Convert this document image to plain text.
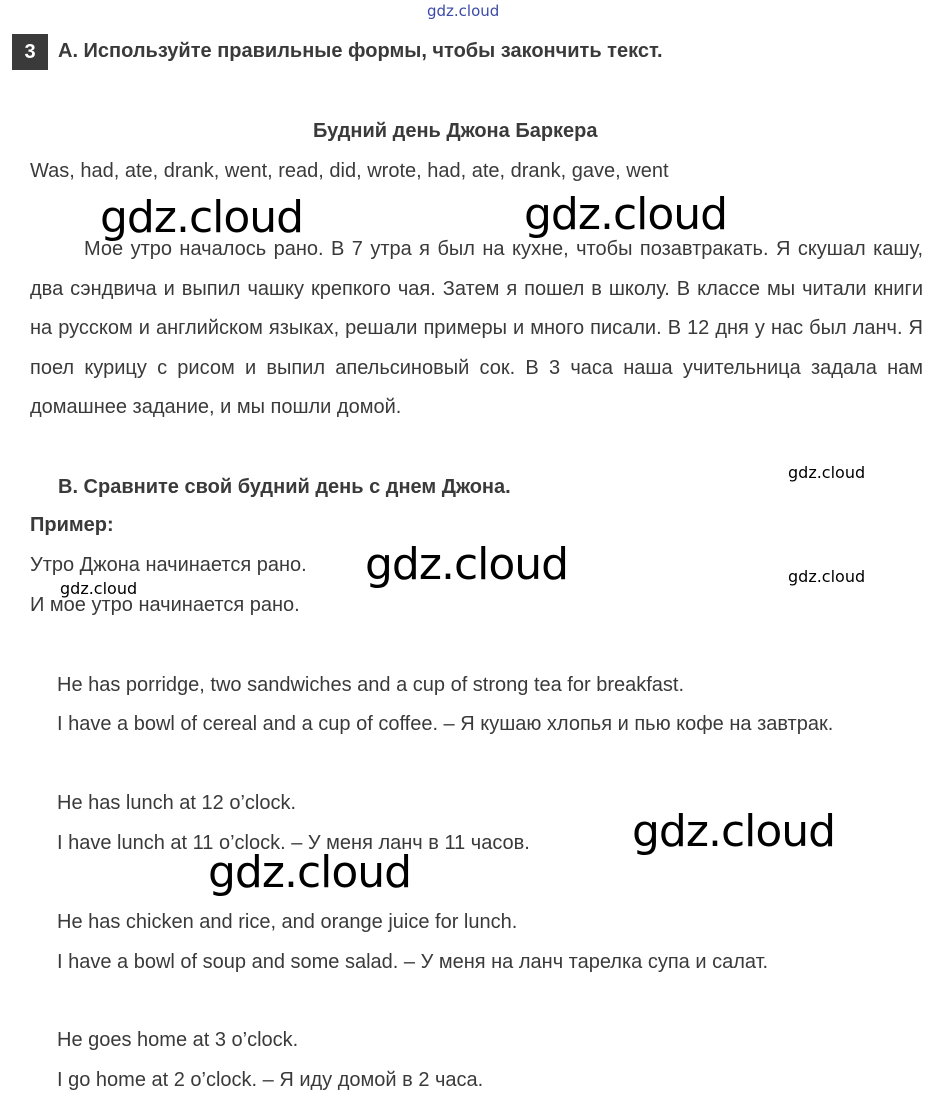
gdz.cloud
3	А. Используйте правильные формы, чтобы закончить текст.
Будний день Джона Баркера
Was, had, ate, drank, went, read, did, wrote, had, ate, drank, gave, went

Мое утро началось рано. В 7 утра я был на кухне, чтобы позавтракать. Я скушал кашу, два сэндвича и выпил чашку крепкого чая. Затем я пошел в школу. В классе мы читали книги на русском и английском языках, решали примеры и много писали. В 12 дня у нас был ланч. Я поел курицу с рисом и выпил апельсиновый сок. В 3 часа наша учительница задала нам домашнее задание, и мы пошли домой.

B. Сравните свой будний день с днем Джона.
Пример:
Утро Джона начинается рано.
И мое утро начинается рано.
He has porridge, two sandwiches and a cup of strong tea for breakfast.
I have a bowl of cereal and a cup of coffee. – Я кушаю хлопья и пью кофе на завтрак.
He has lunch at 12 o’clock.
I have lunch at 11 o’clock. – У меня ланч в 11 часов.
He has chicken and rice, and orange juice for lunch.
I have a bowl of soup and some salad. – У меня на ланч тарелка супа и салат.
He goes home at 3 o’clock.
I go home at 2 o’clock. – Я иду домой в 2 часа.
gdz.cloud	gdz.cloud
gdz.cloud
gdz.cloud
gdz.cloud
gdz.cloud
gdz.cloud
gdz.cloud
